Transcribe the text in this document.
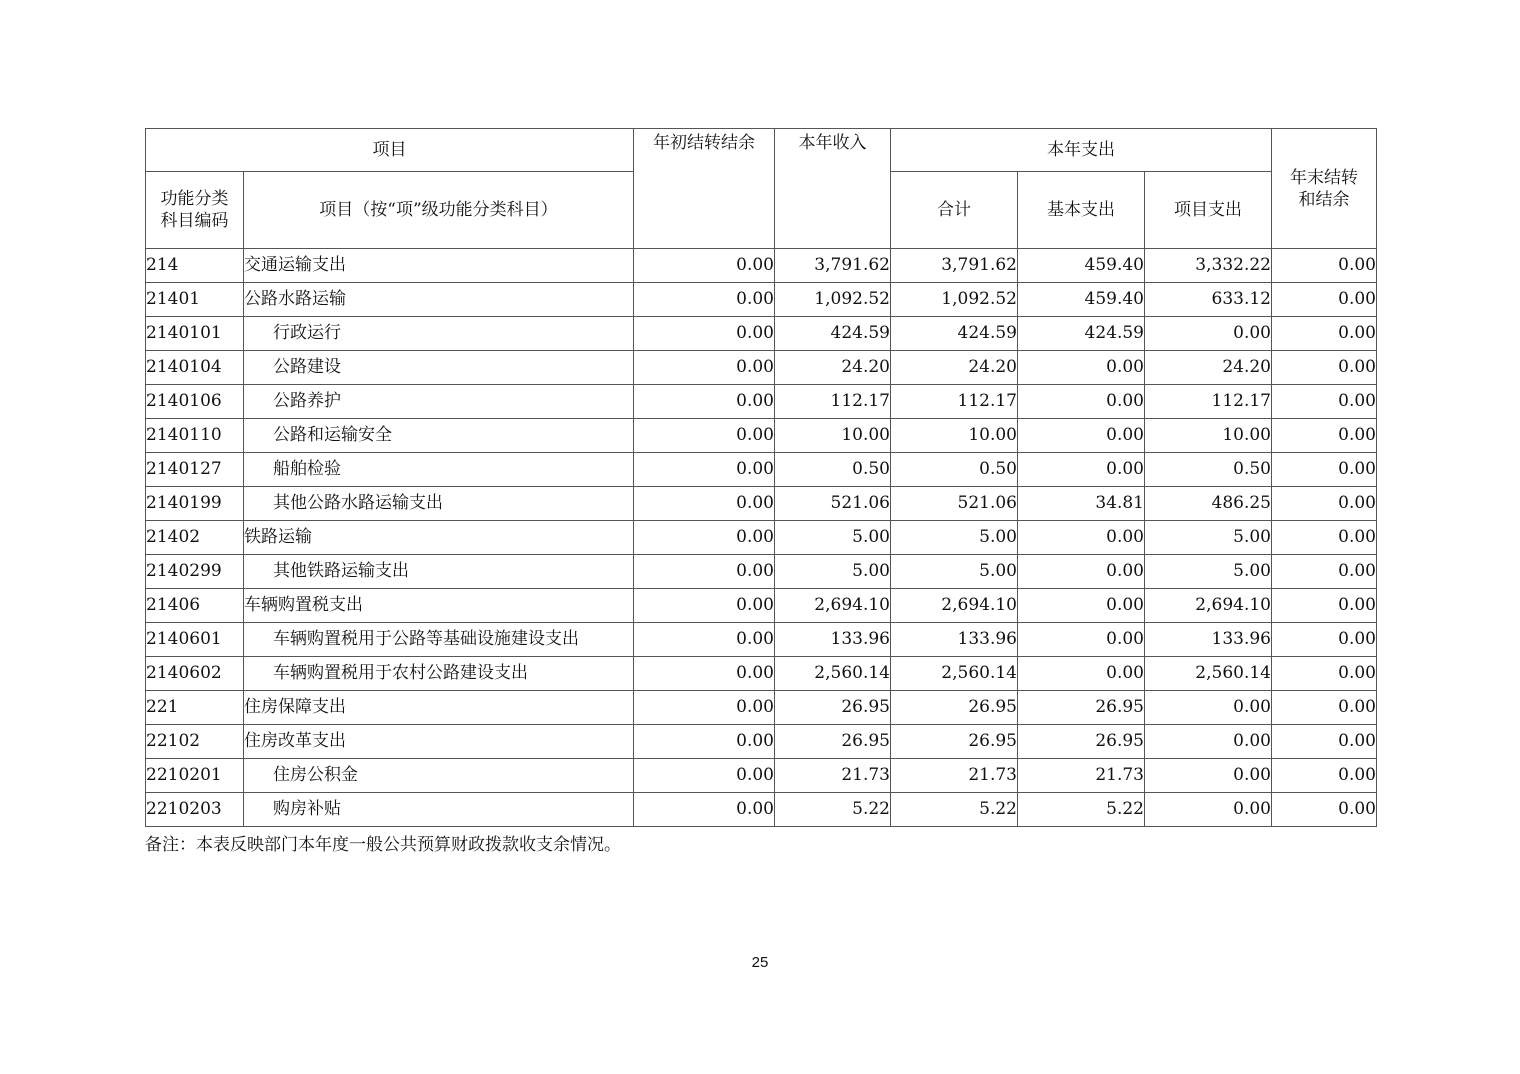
项目		年初结转结余	本年收入	本年支出			年末结转和结余
功能分类科目编码	项目（按“项”级功能分类科目）			合计	基本支出	项目支出	
214	交通运输支出	0.00	3,791.62	3,791.62	459.40	3,332.22	0.00
21401	公路水路运输	0.00	1,092.52	1,092.52	459.40	633.12	0.00
2140101	行政运行	0.00	424.59	424.59	424.59	0.00	0.00
2140104	公路建设	0.00	24.20	24.20	0.00	24.20	0.00
2140106	公路养护	0.00	112.17	112.17	0.00	112.17	0.00
2140110	公路和运输安全	0.00	10.00	10.00	0.00	10.00	0.00
2140127	船舶检验	0.00	0.50	0.50	0.00	0.50	0.00
2140199	其他公路水路运输支出	0.00	521.06	521.06	34.81	486.25	0.00
21402	铁路运输	0.00	5.00	5.00	0.00	5.00	0.00
2140299	其他铁路运输支出	0.00	5.00	5.00	0.00	5.00	0.00
21406	车辆购置税支出	0.00	2,694.10	2,694.10	0.00	2,694.10	0.00
2140601	车辆购置税用于公路等基础设施建设支出	0.00	133.96	133.96	0.00	133.96	0.00
2140602	车辆购置税用于农村公路建设支出	0.00	2,560.14	2,560.14	0.00	2,560.14	0.00
221	住房保障支出	0.00	26.95	26.95	26.95	0.00	0.00
22102	住房改革支出	0.00	26.95	26.95	26.95	0.00	0.00
2210201	住房公积金	0.00	21.73	21.73	21.73	0.00	0.00
2210203	购房补贴	0.00	5.22	5.22	5.22	0.00	0.00
备注：本表反映部门本年度一般公共预算财政拨款收支余情况。
25
